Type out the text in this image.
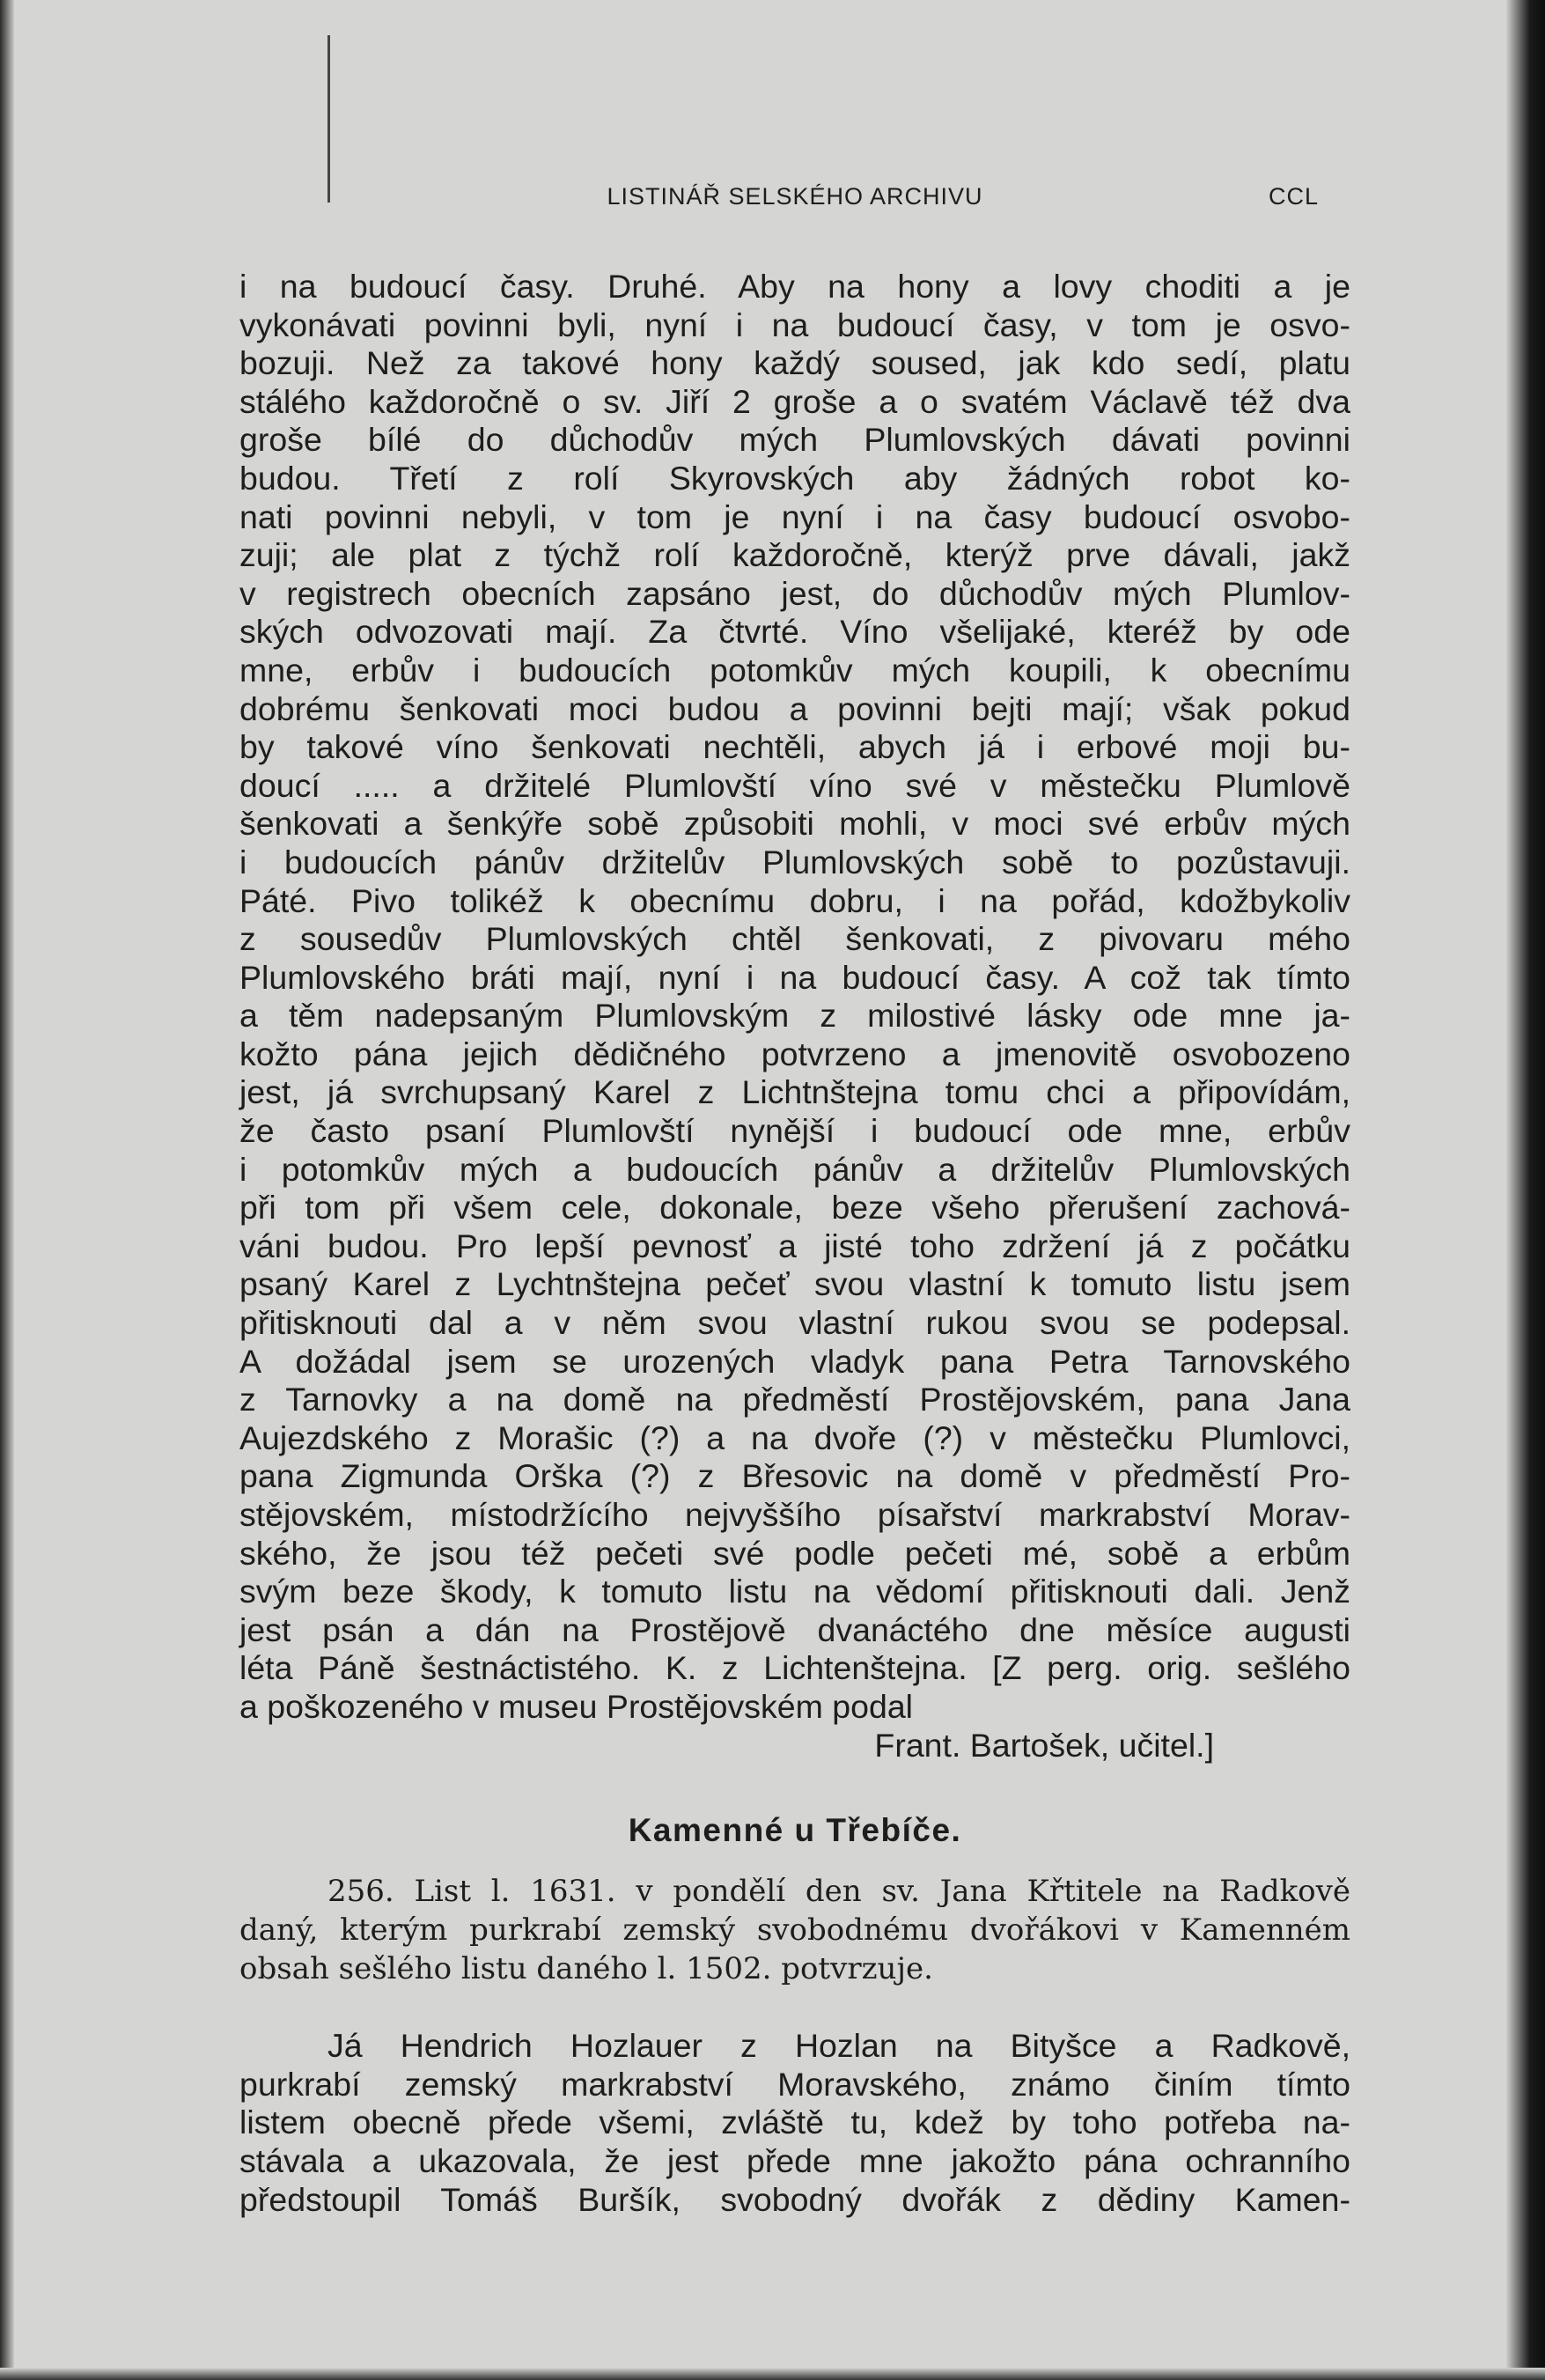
LISTINÁŘ SELSKÉHO ARCHIVU	CCL
i na budoucí časy. Druhé. Aby na hony a lovy choditi a je
vykonávati povinni byli, nyní i na budoucí časy, v tom je osvo-
bozuji. Než za takové hony každý soused, jak kdo sedí, platu
stálého každoročně o sv. Jiří 2 groše a o svatém Václavě též dva
groše bílé do důchodův mých Plumlovských dávati povinni
budou. Třetí z rolí Skyrovských aby žádných robot ko-
nati povinni nebyli, v tom je nyní i na časy budoucí osvobo-
zuji; ale plat z týchž rolí každoročně, kterýž prve dávali, jakž
v registrech obecních zapsáno jest, do důchodův mých Plumlov-
ských odvozovati mají. Za čtvrté. Víno všelijaké, kteréž by ode
mne, erbův i budoucích potomkův mých koupili, k obecnímu
dobrému šenkovati moci budou a povinni bejti mají; však pokud
by takové víno šenkovati nechtěli, abych já i erbové moji bu-
doucí ..... a držitelé Plumlovští víno své v městečku Plumlově
šenkovati a šenkýře sobě způsobiti mohli, v moci své erbův mých
i budoucích pánův držitelův Plumlovských sobě to pozůstavuji.
Páté. Pivo tolikéž k obecnímu dobru, i na pořád, kdožbykoliv
z sousedův Plumlovských chtěl šenkovati, z pivovaru mého
Plumlovského bráti mají, nyní i na budoucí časy. A což tak tímto
a těm nadepsaným Plumlovským z milostivé lásky ode mne ja-
kožto pána jejich dědičného potvrzeno a jmenovitě osvobozeno
jest, já svrchupsaný Karel z Lichtnštejna tomu chci a připovídám,
že často psaní Plumlovští nynější i budoucí ode mne, erbův
i potomkův mých a budoucích pánův a držitelův Plumlovských
při tom při všem cele, dokonale, beze všeho přerušení zachová-
váni budou. Pro lepší pevnosť a jisté toho zdržení já z počátku
psaný Karel z Lychtnštejna pečeť svou vlastní k tomuto listu jsem
přitisknouti dal a v něm svou vlastní rukou svou se podepsal.
A dožádal jsem se urozených vladyk pana Petra Tarnovského
z Tarnovky a na domě na předměstí Prostějovském, pana Jana
Aujezdského z Morašic (?) a na dvoře (?) v městečku Plumlovci,
pana Zigmunda Orška (?) z Břesovic na domě v předměstí Pro-
stějovském, místodržícího nejvyššího písařství markrabství Morav-
ského, že jsou též pečeti své podle pečeti mé, sobě a erbům
svým beze škody, k tomuto listu na vědomí přitisknouti dali. Jenž
jest psán a dán na Prostějově dvanáctého dne měsíce augusti
léta Páně šestnáctistého. K. z Lichtenštejna. [Z perg. orig. sešlého
a poškozeného v museu Prostějovském podal
Frant. Bartošek, učitel.]
Kamenné u Třebíče.
256. List l. 1631. v pondělí den sv. Jana Křtitele na Radkově
daný, kterým purkrabí zemský svobodnému dvořákovi v Kamenném
obsah sešlého listu daného l. 1502. potvrzuje.
Já Hendrich Hozlauer z Hozlan na Bityšce a Radkově,
purkrabí zemský markrabství Moravského, známo činím tímto
listem obecně přede všemi, zvláště tu, kdež by toho potřeba na-
stávala a ukazovala, že jest přede mne jakožto pána ochranního
předstoupil Tomáš Buršík, svobodný dvořák z dědiny Kamen-
